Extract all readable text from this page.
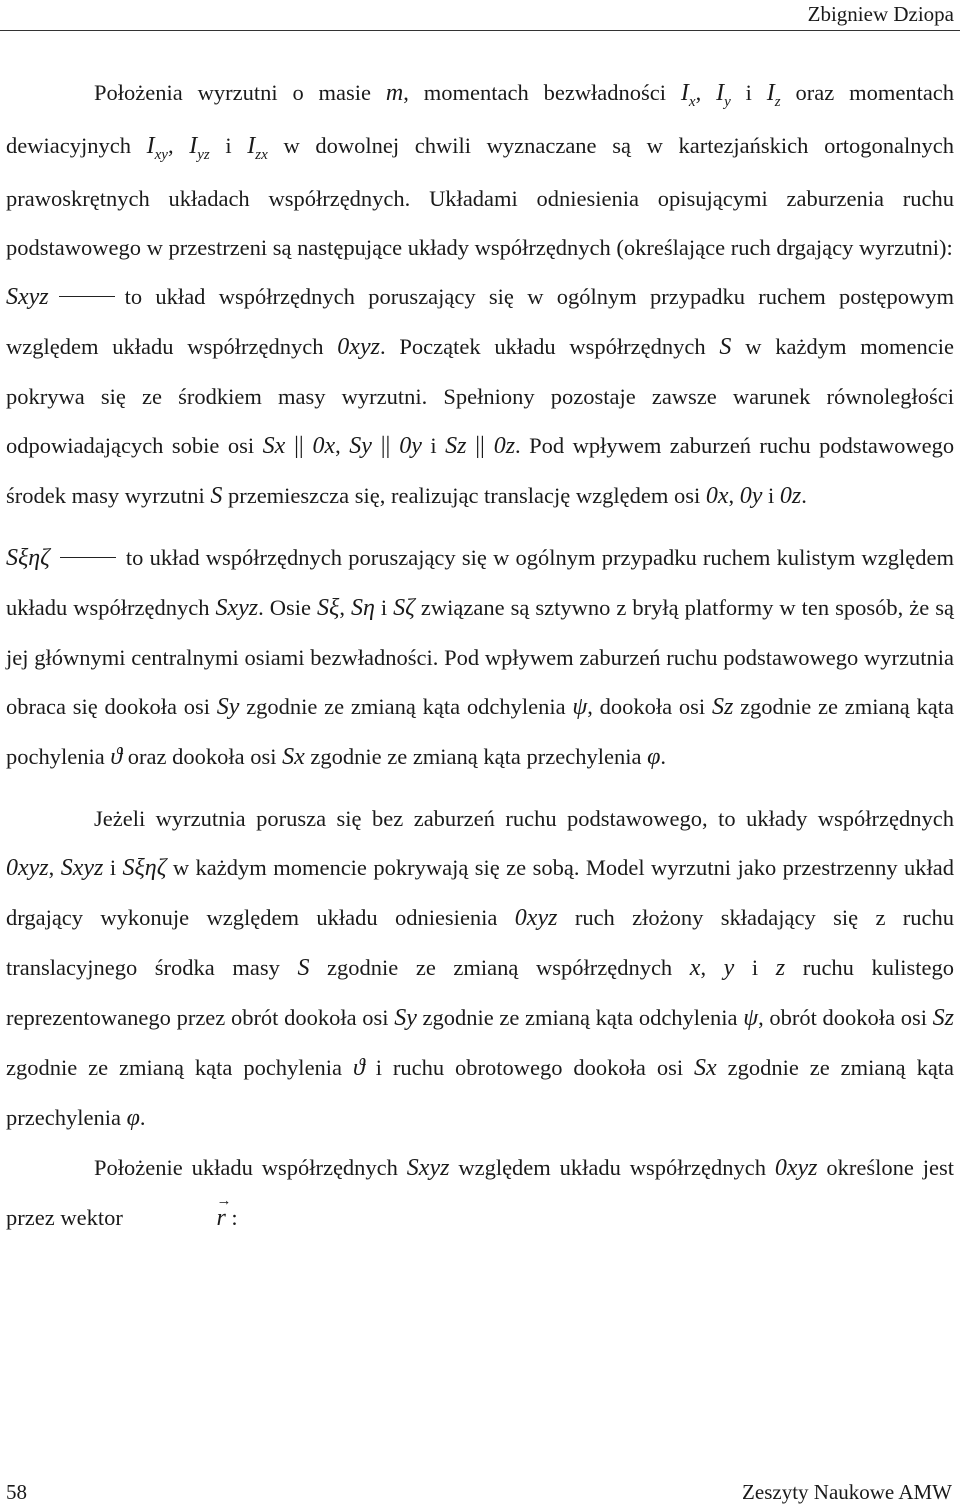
Zbigniew Dziopa

Położenia wyrzutni o masie m, momentach bezwładności $I_x$, $I_y$ i $I_z$ oraz momentach dewiacyjnych $I_{xy}$, $I_{yz}$ i $I_{zx}$ w dowolnej chwili wyznaczane są w kartezjańskich ortogonalnych prawoskrętnych układach współrzędnych. Układami odniesienia opisującymi zaburzenia ruchu podstawowego w przestrzeni są następujące układy współrzędnych (określające ruch drgający wyrzutni):

Sxyz	to układ współrzędnych poruszający się w ogólnym przypadku ruchem postępowym względem układu współrzędnych 0xyz. Początek układu współrzędnych S w każdym momencie pokrywa się ze środkiem masy wyrzutni. Spełniony pozostaje zawsze warunek równoległości odpowiadających sobie osi Sx || 0x, Sy || 0y i Sz || 0z. Pod wpływem zaburzeń ruchu podstawowego środek masy wyrzutni S przemieszcza się, realizując translację względem osi 0x, 0y i 0z.

Sξηζ	to układ współrzędnych poruszający się w ogólnym przypadku ruchem kulistym względem układu współrzędnych Sxyz. Osie Sξ, Sη i Sζ związane są sztywno z bryłą platformy w ten sposób, że są jej głównymi centralnymi osiami bezwładności. Pod wpływem zaburzeń ruchu podstawowego wyrzutnia obraca się dookoła osi Sy zgodnie ze zmianą kąta odchylenia ψ, dookoła osi Sz zgodnie ze zmianą kąta pochylenia ϑ oraz dookoła osi Sx zgodnie ze zmianą kąta przechylenia φ.

Jeżeli wyrzutnia porusza się bez zaburzeń ruchu podstawowego, to układy współrzędnych 0xyz, Sxyz i Sξηζ w każdym momencie pokrywają się ze sobą. Model wyrzutni jako przestrzenny układ drgający wykonuje względem układu odniesienia 0xyz ruch złożony składający się z ruchu translacyjnego środka masy S zgodnie ze zmianą współrzędnych x, y i z ruchu kulistego reprezentowanego przez obrót dookoła osi Sy zgodnie ze zmianą kąta odchylenia ψ, obrót dookoła osi Sz zgodnie ze zmianą kąta pochylenia ϑ i ruchu obrotowego dookoła osi Sx zgodnie ze zmianą kąta przechylenia φ.

Położenie układu współrzędnych Sxyz względem układu współrzędnych 0xyz określone jest przez wektor →	r :

58	Zeszyty Naukowe AMW
